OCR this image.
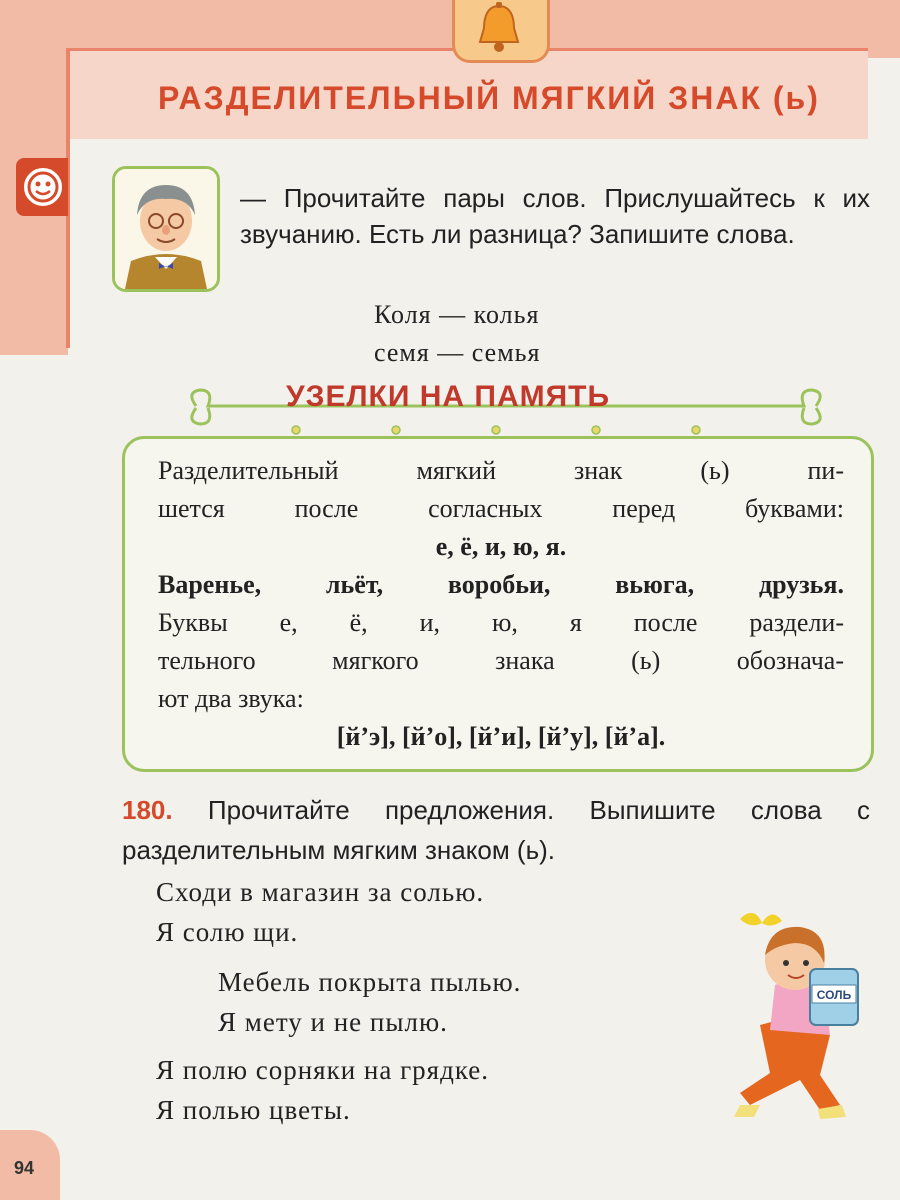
РАЗДЕЛИТЕЛЬНЫЙ МЯГКИЙ ЗНАК (ь)
— Прочитайте пары слов. Прислушайтесь к их звучанию. Есть ли разница? Запишите слова.
Коля — колья
семя — семья
УЗЕЛКИ НА ПАМЯТЬ
Разделительный мягкий знак (ь) пи-
шется после согласных перед буквами:
е, ё, и, ю, я.
Варенье, льёт, воробьи, вьюга, друзья.
Буквы е, ё, и, ю, я после раздели-
тельного мягкого знака (ь) обознача-
ют два звука:
[й’э], [й’о], [й’и], [й’у], [й’а].
180. Прочитайте предложения. Выпишите слова с разделительным мягким знаком (ь).
Сходи в магазин за солью.
Я солю щи.
Мебель покрыта пылью.
Я мету и не пылю.
Я полю сорняки на грядке.
Я полью цветы.
СОЛЬ
94
